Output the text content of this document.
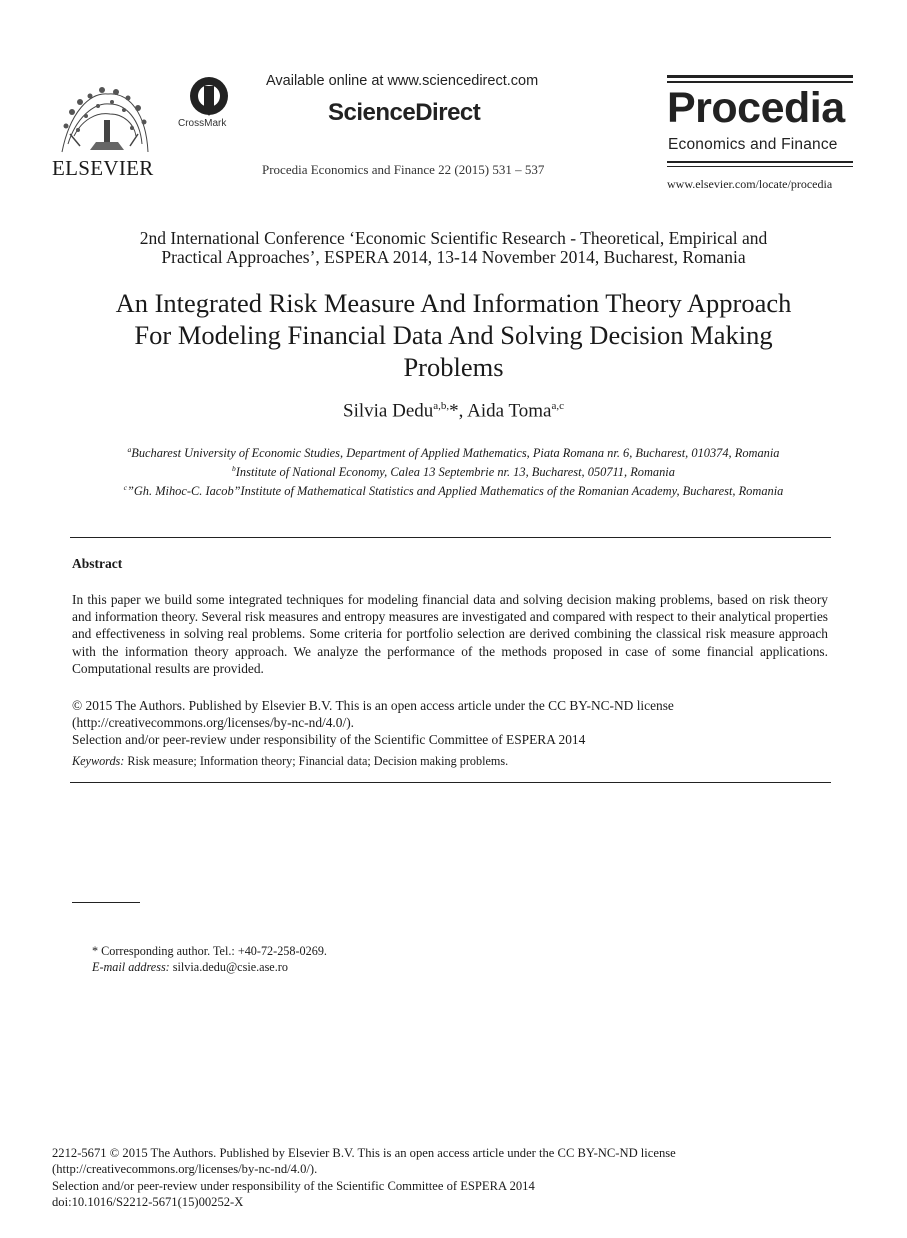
ELSEVIER
CrossMark
Available online at www.sciencedirect.com
ScienceDirect
Procedia Economics and Finance 22 (2015) 531 – 537
Procedia
Economics and Finance
www.elsevier.com/locate/procedia
2nd International Conference ‘Economic Scientific Research - Theoretical, Empirical and
Practical Approaches’, ESPERA 2014, 13-14 November 2014, Bucharest, Romania
An Integrated Risk Measure And Information Theory Approach
For Modeling Financial Data And Solving Decision Making
Problems
Silvia Dedu$^{a,b,}$*, Aida Toma$^{a,c}$
$^a$Bucharest University of Economic Studies, Department of Applied Mathematics, Piata Romana nr. 6, Bucharest, 010374, Romania
$^b$Institute of National Economy, Calea 13 Septembrie nr. 13, Bucharest, 050711, Romania
$^c$”Gh. Mihoc-C. Iacob”Institute of Mathematical Statistics and Applied Mathematics of the Romanian Academy, Bucharest, Romania
Abstract
In this paper we build some integrated techniques for modeling financial data and solving decision making problems, based on risk theory and information theory. Several risk measures and entropy measures are investigated and compared with respect to their analytical properties and effectiveness in solving real problems. Some criteria for portfolio selection are derived combining the classical risk measure approach with the information theory approach. We analyze the performance of the methods proposed in case of some financial applications. Computational results are provided.
© 2015 The Authors. Published by Elsevier B.V. This is an open access article under the CC BY-NC-ND license
(http://creativecommons.org/licenses/by-nc-nd/4.0/).
Selection and/or peer-review under responsibility of the Scientific Committee of ESPERA 2014
Keywords: Risk measure; Information theory; Financial data; Decision making problems.
* Corresponding author. Tel.: +40-72-258-0269.
E-mail address: silvia.dedu@csie.ase.ro
2212-5671 © 2015 The Authors. Published by Elsevier B.V. This is an open access article under the CC BY-NC-ND license
(http://creativecommons.org/licenses/by-nc-nd/4.0/).
Selection and/or peer-review under responsibility of the Scientific Committee of ESPERA 2014
doi:10.1016/S2212-5671(15)00252-X
